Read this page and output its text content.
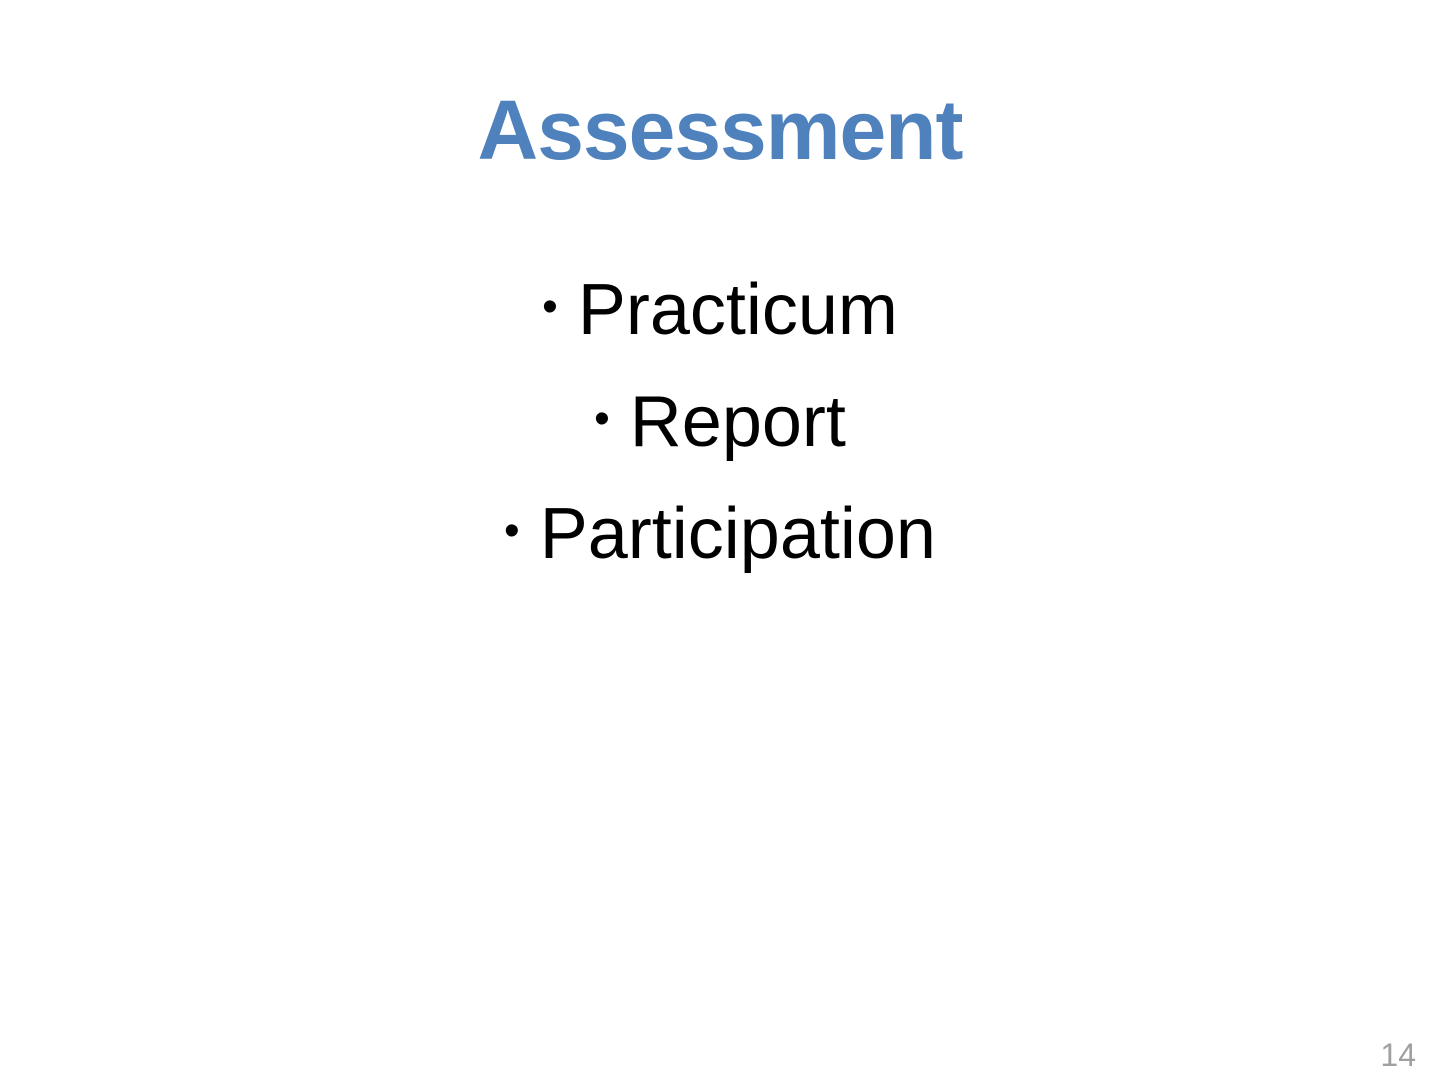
Assessment
• Practicum
• Report
• Participation
14
